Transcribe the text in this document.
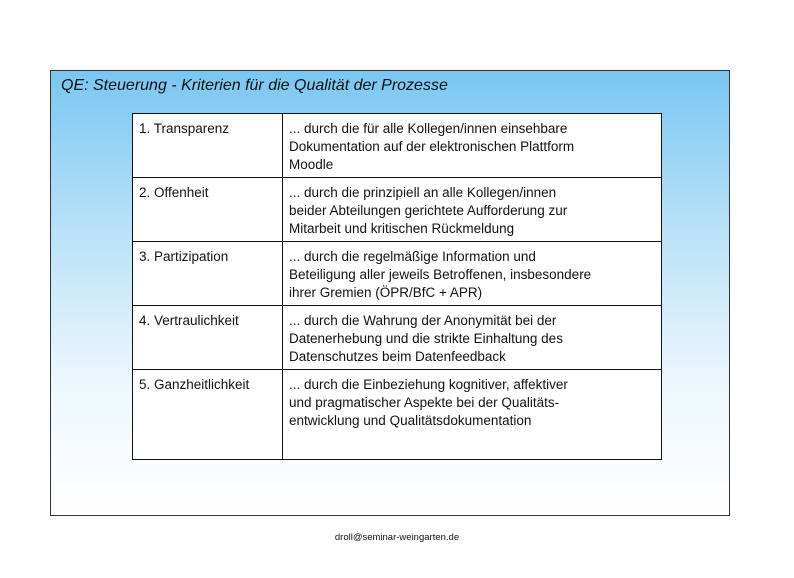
QE: Steuerung - Kriterien für die Qualität der Prozesse
1. Transparenz	... durch die für alle Kollegen/innen einsehbare
Dokumentation auf der elektronischen Plattform
Moodle
2. Offenheit	... durch die prinzipiell an alle Kollegen/innen
beider Abteilungen gerichtete Aufforderung zur
Mitarbeit und kritischen Rückmeldung
3. Partizipation	... durch die regelmäßige Information und
Beteiligung aller jeweils Betroffenen, insbesondere
ihrer Gremien (ÖPR/BfC + APR)
4. Vertraulichkeit	... durch die Wahrung der Anonymität bei der
Datenerhebung und die strikte Einhaltung des
Datenschutzes beim Datenfeedback
5. Ganzheitlichkeit	... durch die Einbeziehung kognitiver, affektiver
und pragmatischer Aspekte bei der Qualitäts-
entwicklung und Qualitätsdokumentation
droll@seminar-weingarten.de
